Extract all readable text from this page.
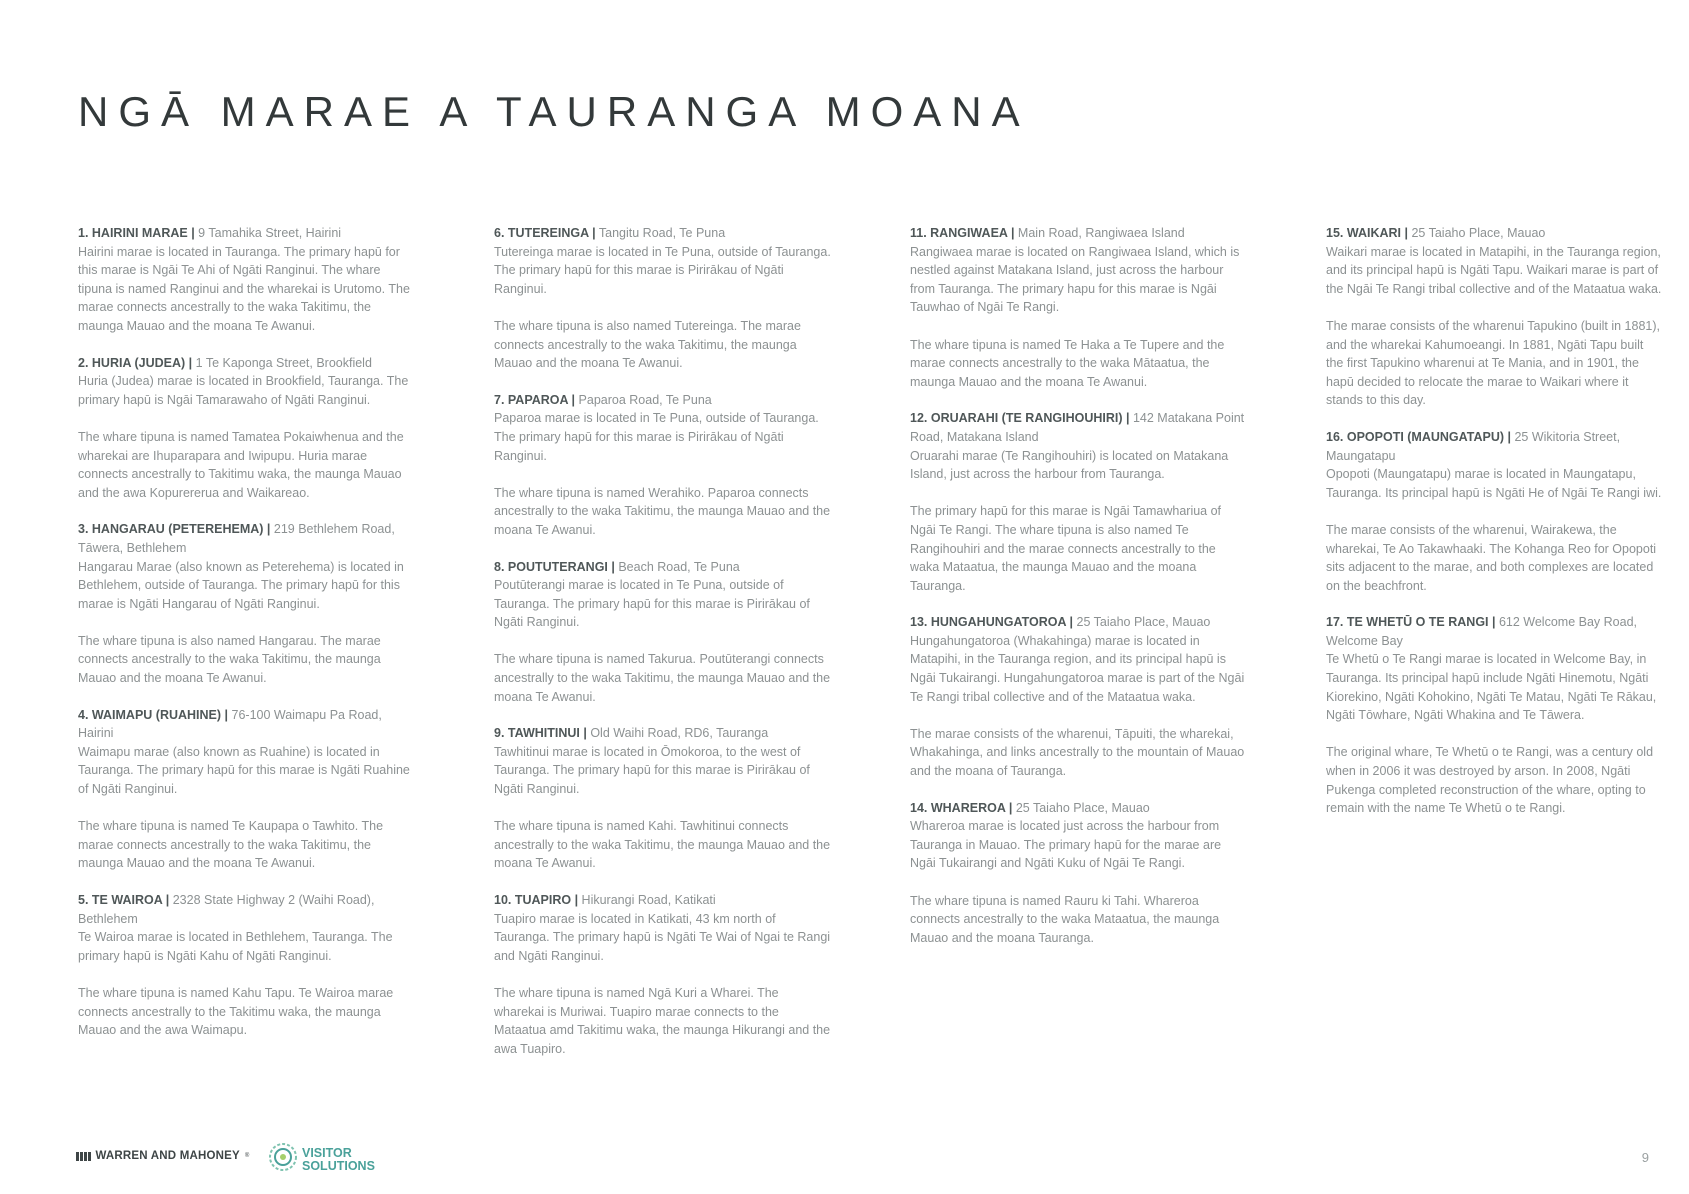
NGĀ MARAE A TAURANGA MOANA

1. HAIRINI MARAE | 9 Tamahika Street, Hairini
Hairini marae is located in Tauranga. The primary hapū for this marae is Ngāi Te Ahi of Ngāti Ranginui. The whare tipuna is named Ranginui and the wharekai is Urutomo. The marae connects ancestrally to the waka Takitimu, the maunga Mauao and the moana Te Awanui.

2. HURIA (JUDEA) | 1 Te Kaponga Street, Brookfield
Huria (Judea) marae is located in Brookfield, Tauranga. The primary hapū is Ngāi Tamarawaho of Ngāti Ranginui.

The whare tipuna is named Tamatea Pokaiwhenua and the wharekai are Ihuparapara and Iwipupu. Huria marae connects ancestrally to Takitimu waka, the maunga Mauao and the awa Kopurererua and Waikareao.

3. HANGARAU (PETEREHEMA) | 219 Bethlehem Road, Tāwera, Bethlehem
Hangarau Marae (also known as Peterehema) is located in Bethlehem, outside of Tauranga. The primary hapū for this marae is Ngāti Hangarau of Ngāti Ranginui.

The whare tipuna is also named Hangarau. The marae connects ancestrally to the waka Takitimu, the maunga Mauao and the moana Te Awanui.

4. WAIMAPU (RUAHINE) | 76-100 Waimapu Pa Road, Hairini
Waimapu marae (also known as Ruahine) is located in Tauranga. The primary hapū for this marae is Ngāti Ruahine of Ngāti Ranginui.

The whare tipuna is named Te Kaupapa o Tawhito. The marae connects ancestrally to the waka Takitimu, the maunga Mauao and the moana Te Awanui.

5. TE WAIROA | 2328 State Highway 2 (Waihi Road), Bethlehem
Te Wairoa marae is located in Bethlehem, Tauranga. The primary hapū is Ngāti Kahu of Ngāti Ranginui.

The whare tipuna is named Kahu Tapu. Te Wairoa marae connects ancestrally to the Takitimu waka, the maunga Mauao and the awa Waimapu.

6. TUTEREINGA | Tangitu Road, Te Puna
Tutereinga marae is located in Te Puna, outside of Tauranga. The primary hapū for this marae is Pirirākau of Ngāti Ranginui.

The whare tipuna is also named Tutereinga. The marae connects ancestrally to the waka Takitimu, the maunga Mauao and the moana Te Awanui.

7. PAPAROA | Paparoa Road, Te Puna
Paparoa marae is located in Te Puna, outside of Tauranga. The primary hapū for this marae is Pirirākau of Ngāti Ranginui.

The whare tipuna is named Werahiko. Paparoa connects ancestrally to the waka Takitimu, the maunga Mauao and the moana Te Awanui.

8. POUTUTERANGI | Beach Road, Te Puna
Poutūterangi marae is located in Te Puna, outside of Tauranga. The primary hapū for this marae is Pirirākau of Ngāti Ranginui.

The whare tipuna is named Takurua. Poutūterangi connects ancestrally to the waka Takitimu, the maunga Mauao and the moana Te Awanui.

9. TAWHITINUI | Old Waihi Road, RD6, Tauranga
Tawhitinui marae is located in Ōmokoroa, to the west of Tauranga. The primary hapū for this marae is Pirirākau of Ngāti Ranginui.

The whare tipuna is named Kahi. Tawhitinui connects ancestrally to the waka Takitimu, the maunga Mauao and the moana Te Awanui.

10. TUAPIRO | Hikurangi Road, Katikati
Tuapiro marae is located in Katikati, 43 km north of Tauranga. The primary hapū is Ngāti Te Wai of Ngai te Rangi and Ngāti Ranginui.

The whare tipuna is named Ngā Kuri a Wharei. The wharekai is Muriwai. Tuapiro marae connects to the Mataatua amd Takitimu waka, the maunga Hikurangi and the awa Tuapiro.

11. RANGIWAEA | Main Road, Rangiwaea Island
Rangiwaea marae is located on Rangiwaea Island, which is nestled against Matakana Island, just across the harbour from Tauranga. The primary hapu for this marae is Ngāi Tauwhao of Ngāi Te Rangi.

The whare tipuna is named Te Haka a Te Tupere and the marae connects ancestrally to the waka Mātaatua, the maunga Mauao and the moana Te Awanui.

12. ORUARAHI (TE RANGIHOUHIRI) | 142 Matakana Point Road, Matakana Island
Oruarahi marae (Te Rangihouhiri) is located on Matakana Island, just across the harbour from Tauranga.

The primary hapū for this marae is Ngāi Tamawhariua of Ngāi Te Rangi. The whare tipuna is also named Te Rangihouhiri and the marae connects ancestrally to the waka Mataatua, the maunga Mauao and the moana Tauranga.

13. HUNGAHUNGATOROA | 25 Taiaho Place, Mauao
Hungahungatoroa (Whakahinga) marae is located in Matapihi, in the Tauranga region, and its principal hapū is Ngāi Tukairangi. Hungahungatoroa marae is part of the Ngāi Te Rangi tribal collective and of the Mataatua waka.

The marae consists of the wharenui, Tāpuiti, the wharekai, Whakahinga, and links ancestrally to the mountain of Mauao and the moana of Tauranga.

14. WHAREROA | 25 Taiaho Place, Mauao
Whareroa marae is located just across the harbour from Tauranga in Mauao. The primary hapū for the marae are Ngāi Tukairangi and Ngāti Kuku of Ngāi Te Rangi.

The whare tipuna is named Rauru ki Tahi. Whareroa connects ancestrally to the waka Mataatua, the maunga Mauao and the moana Tauranga.

15. WAIKARI | 25 Taiaho Place, Mauao
Waikari marae is located in Matapihi, in the Tauranga region, and its principal hapū is Ngāti Tapu. Waikari marae is part of the Ngāi Te Rangi tribal collective and of the Mataatua waka.

The marae consists of the wharenui Tapukino (built in 1881), and the wharekai Kahumoeangi. In 1881, Ngāti Tapu built the first Tapukino wharenui at Te Mania, and in 1901, the hapū decided to relocate the marae to Waikari where it stands to this day.

16. OPOPOTI (MAUNGATAPU) | 25 Wikitoria Street, Maungatapu
Opopoti (Maungatapu) marae is located in Maungatapu, Tauranga. Its principal hapū is Ngāti He of Ngāi Te Rangi iwi.

The marae consists of the wharenui, Wairakewa, the wharekai, Te Ao Takawhaaki. The Kohanga Reo for Opopoti sits adjacent to the marae, and both complexes are located on the beachfront.

17. TE WHETŪ O TE RANGI | 612 Welcome Bay Road, Welcome Bay
Te Whetū o Te Rangi marae is located in Welcome Bay, in Tauranga. Its principal hapū include Ngāti Hinemotu, Ngāti Kiorekino, Ngāti Kohokino, Ngāti Te Matau, Ngāti Te Rākau, Ngāti Tōwhare, Ngāti Whakina and Te Tāwera.

The original whare, Te Whetū o te Rangi, was a century old when in 2006 it was destroyed by arson. In 2008, Ngāti Pukenga completed reconstruction of the whare, opting to remain with the name Te Whetū o te Rangi.

WARREN AND MAHONEY ®	VISITOR
SOLUTIONS
9
